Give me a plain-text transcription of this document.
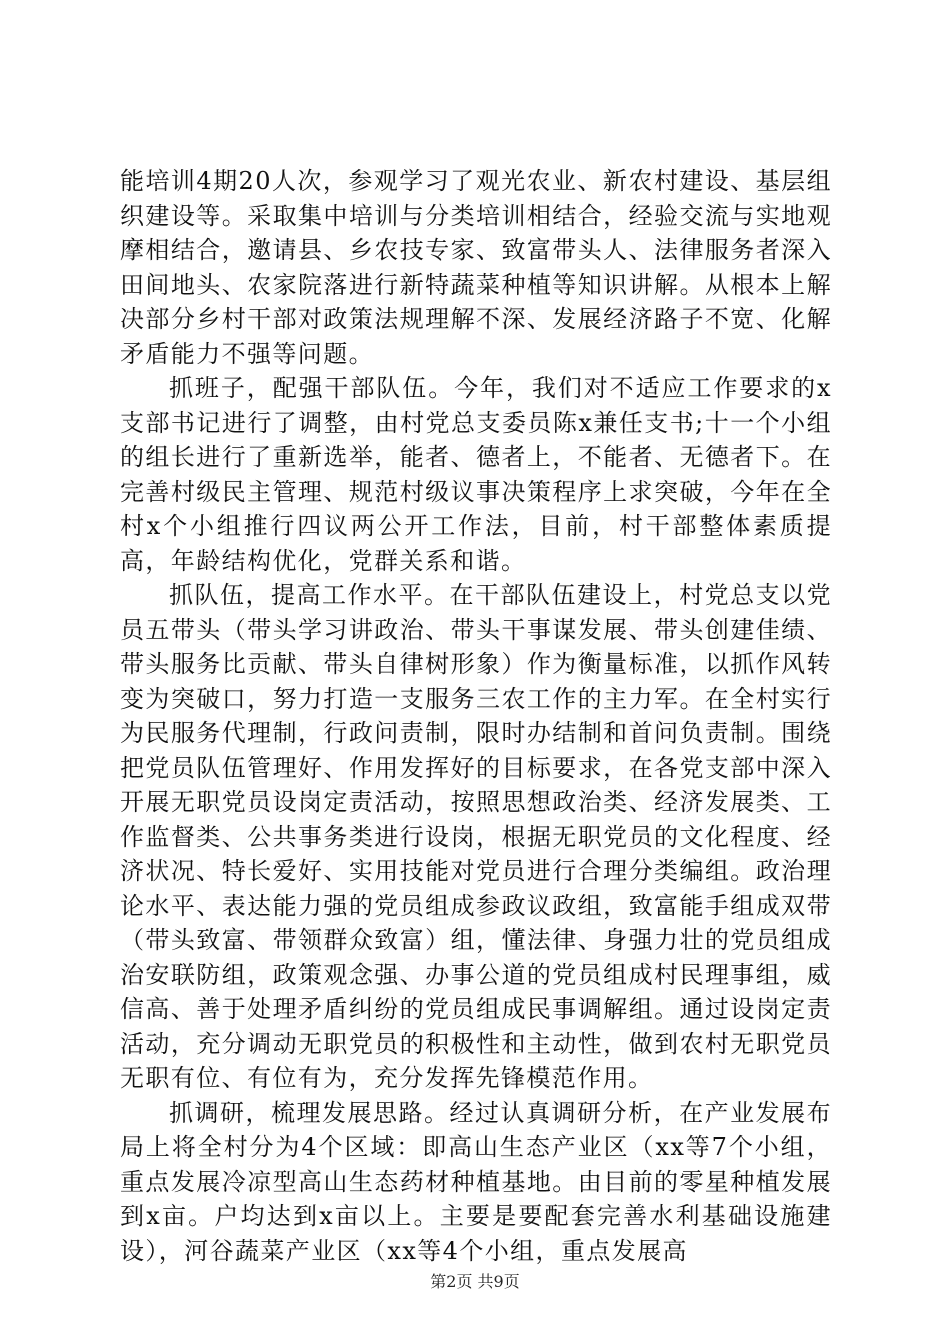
能培训4期20人次，参观学习了观光农业、新农村建设、基层组织建设等。采取集中培训与分类培训相结合，经验交流与实地观摩相结合，邀请县、乡农技专家、致富带头人、法律服务者深入田间地头、农家院落进行新特蔬菜种植等知识讲解。从根本上解决部分乡村干部对政策法规理解不深、发展经济路子不宽、化解矛盾能力不强等问题。

抓班子，配强干部队伍。今年，我们对不适应工作要求的x支部书记进行了调整，由村党总支委员陈x兼任支书;十一个小组的组长进行了重新选举，能者、德者上，不能者、无德者下。在完善村级民主管理、规范村级议事决策程序上求突破，今年在全村x个小组推行四议两公开工作法，目前，村干部整体素质提高，年龄结构优化，党群关系和谐。

抓队伍，提高工作水平。在干部队伍建设上，村党总支以党员五带头（带头学习讲政治、带头干事谋发展、带头创建佳绩、带头服务比贡献、带头自律树形象）作为衡量标准，以抓作风转变为突破口，努力打造一支服务三农工作的主力军。在全村实行为民服务代理制，行政问责制，限时办结制和首问负责制。围绕把党员队伍管理好、作用发挥好的目标要求，在各党支部中深入开展无职党员设岗定责活动，按照思想政治类、经济发展类、工作监督类、公共事务类进行设岗，根据无职党员的文化程度、经济状况、特长爱好、实用技能对党员进行合理分类编组。政治理论水平、表达能力强的党员组成参政议政组，致富能手组成双带（带头致富、带领群众致富）组，懂法律、身强力壮的党员组成治安联防组，政策观念强、办事公道的党员组成村民理事组，威信高、善于处理矛盾纠纷的党员组成民事调解组。通过设岗定责活动，充分调动无职党员的积极性和主动性，做到农村无职党员无职有位、有位有为，充分发挥先锋模范作用。

抓调研，梳理发展思路。经过认真调研分析，在产业发展布局上将全村分为4个区域：即高山生态产业区（xx等7个小组，重点发展冷凉型高山生态药材种植基地。由目前的零星种植发展到x亩。户均达到x亩以上。主要是要配套完善水利基础设施建设），河谷蔬菜产业区（xx等4个小组，重点发展高

第2页 共9页
